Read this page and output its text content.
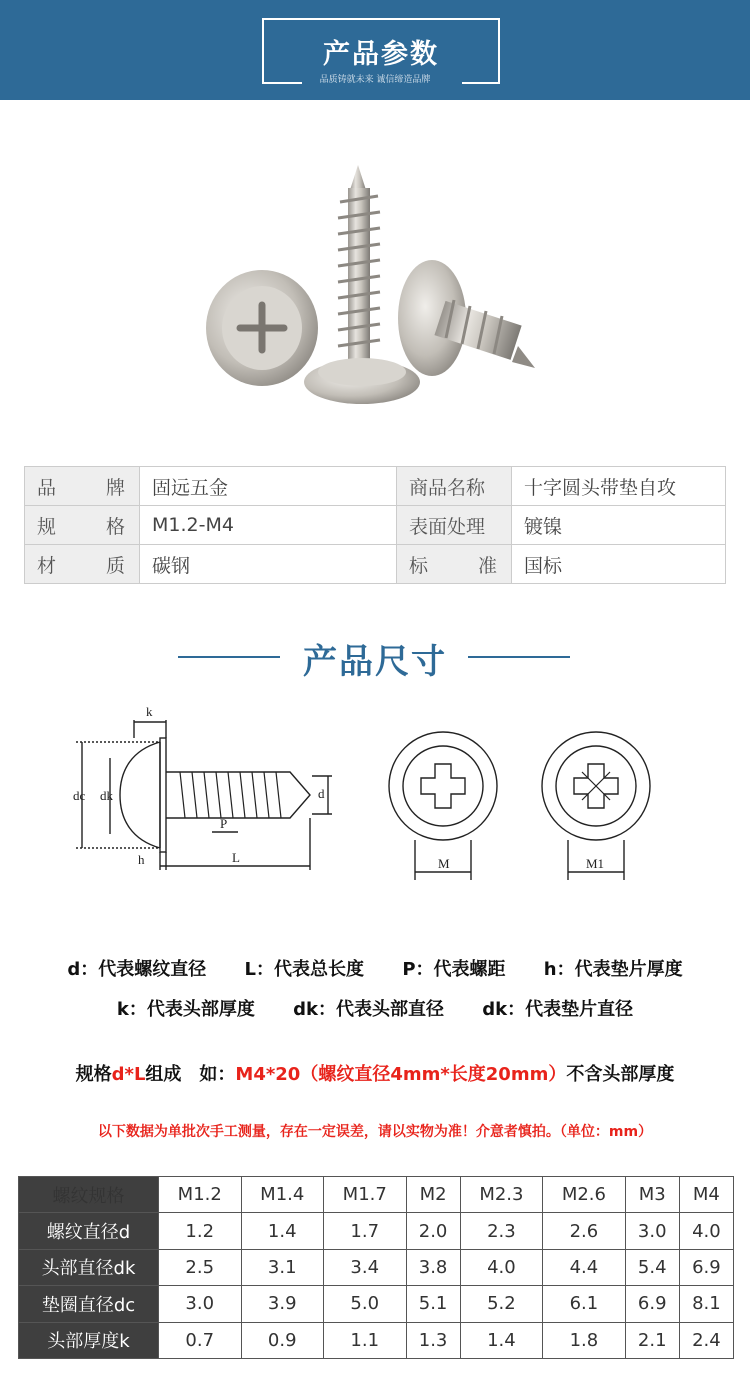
产品参数
品质铸就未来 诚信缔造品牌
品牌	固远五金	商品名称	十字圆头带垫自攻
规格	M1.2-M4	表面处理	镀镍
材质	碳钢	标准	国标
产品尺寸
k
dc dk	d
h	L
P
M	M1
d：代表螺纹直径 L：代表总长度 P：代表螺距 h：代表垫片厚度
k：代表头部厚度 dk：代表头部直径 dk：代表垫片直径
规格d*L组成　如：M4*20（螺纹直径4mm*长度20mm）不含头部厚度
以下数据为单批次手工测量，存在一定误差，请以实物为准！介意者慎拍。（单位：mm）
螺纹规格	M1.2	M1.4	M1.7	M2	M2.3	M2.6	M3	M4
螺纹直径d	1.2	1.4	1.7	2.0	2.3	2.6	3.0	4.0
头部直径dk	2.5	3.1	3.4	3.8	4.0	4.4	5.4	6.9
垫圈直径dc	3.0	3.9	5.0	5.1	5.2	6.1	6.9	8.1
头部厚度k	0.7	0.9	1.1	1.3	1.4	1.8	2.1	2.4
